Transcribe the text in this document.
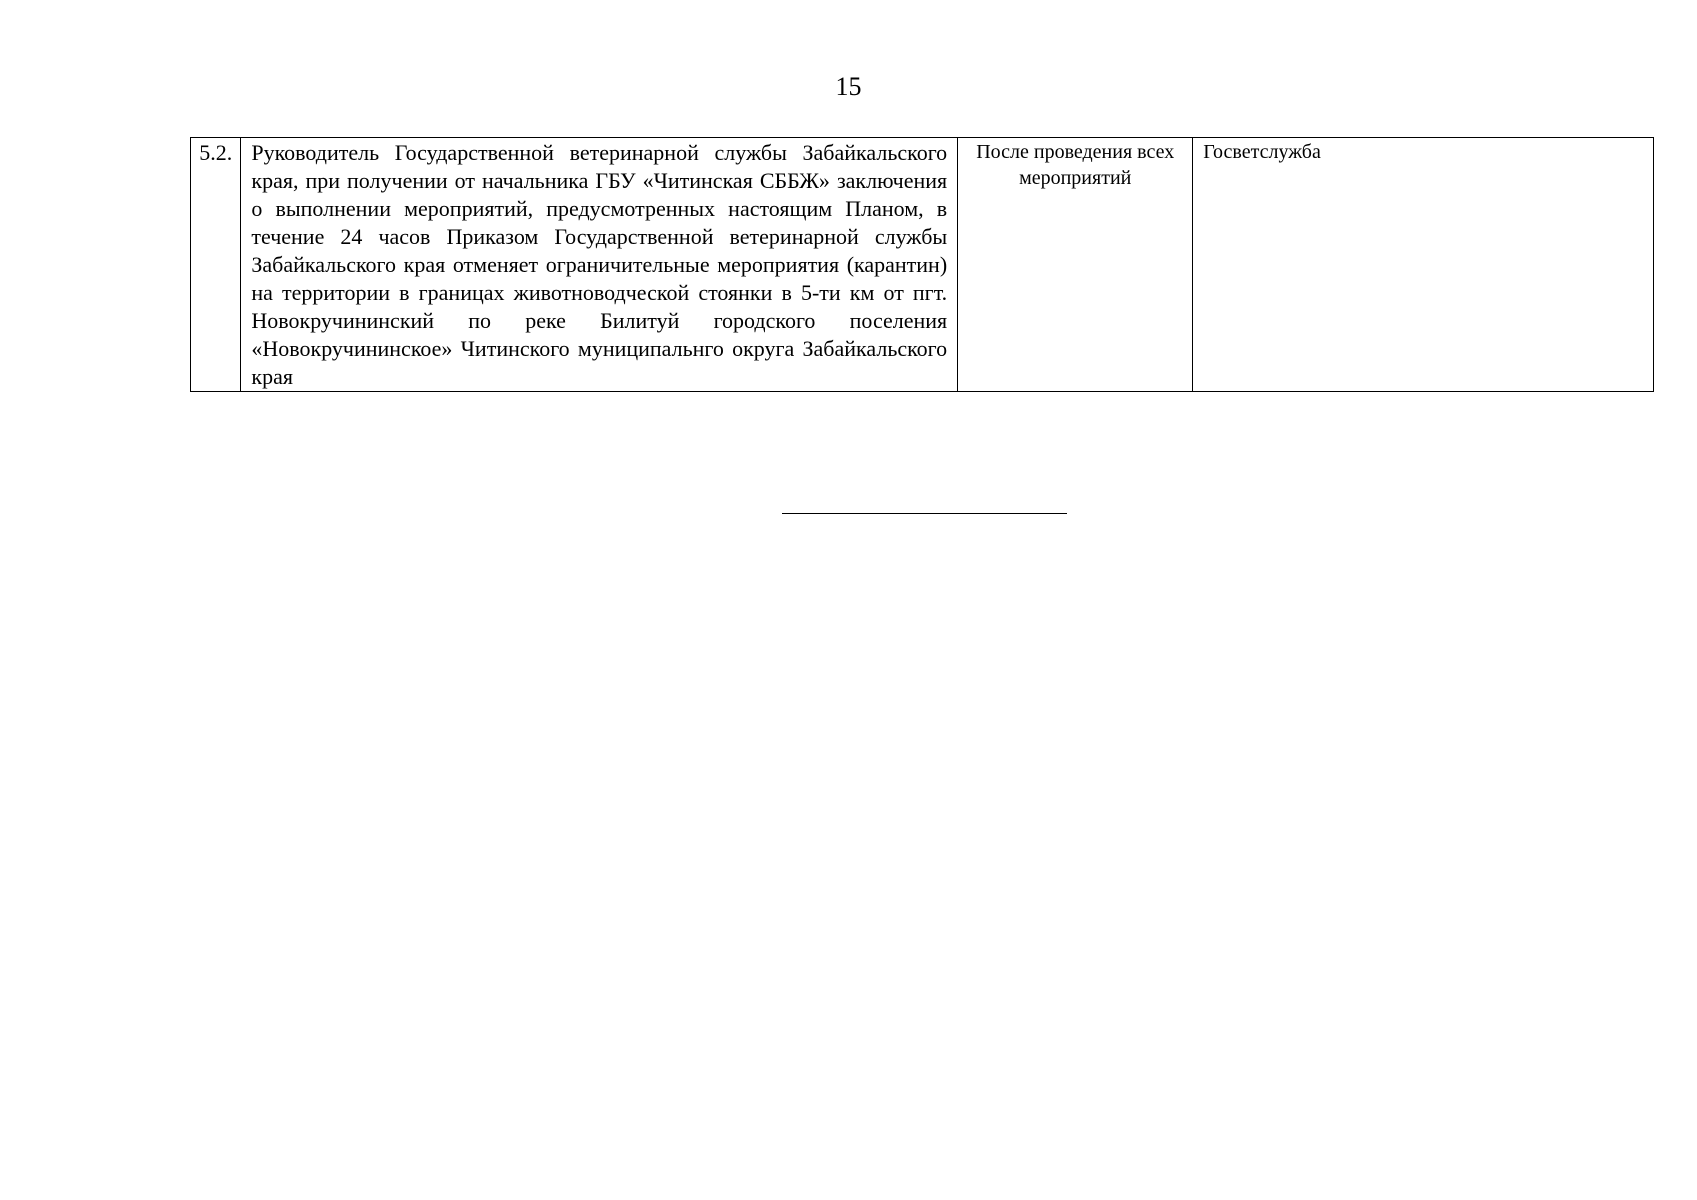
15
5.2.	Руководитель Государственной ветеринарной службы Забайкальского края, при получении от начальника ГБУ «Читинская СББЖ» заключения о выполнении мероприятий, предусмотренных настоящим Планом, в течение 24 часов Приказом Государственной ветеринарной службы Забайкальского края отменяет ограничительные мероприятия (карантин) на территории в границах животноводческой стоянки в 5-ти км от пгт. Новокручининский по реке Билитуй городского поселения «Новокручининское» Читинского муниципальнго округа Забайкальского края	После проведения всех мероприятий	Госветслужба
